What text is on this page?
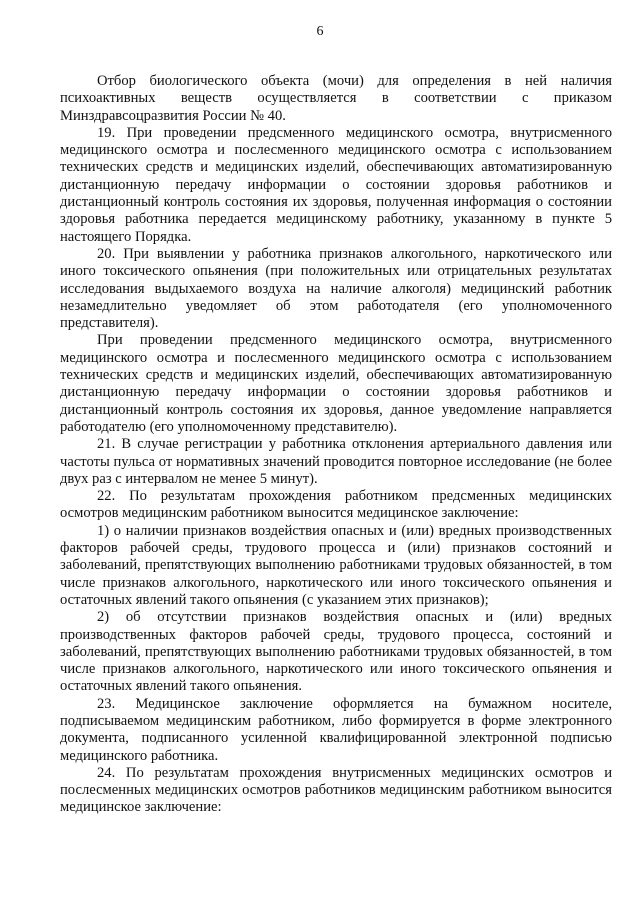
6

Отбор биологического объекта (мочи) для определения в ней наличия психоактивных веществ осуществляется в соответствии с приказом Минздравсоцразвития России № 40.

19. При проведении предсменного медицинского осмотра, внутрисменного медицинского осмотра и послесменного медицинского осмотра с использованием технических средств и медицинских изделий, обеспечивающих автоматизированную дистанционную передачу информации о состоянии здоровья работников и дистанционный контроль состояния их здоровья, полученная информация о состоянии здоровья работника передается медицинскому работнику, указанному в пункте 5 настоящего Порядка.

20. При выявлении у работника признаков алкогольного, наркотического или иного токсического опьянения (при положительных или отрицательных результатах исследования выдыхаемого воздуха на наличие алкоголя) медицинский работник незамедлительно уведомляет об этом работодателя (его уполномоченного представителя).

При проведении предсменного медицинского осмотра, внутрисменного медицинского осмотра и послесменного медицинского осмотра с использованием технических средств и медицинских изделий, обеспечивающих автоматизированную дистанционную передачу информации о состоянии здоровья работников и дистанционный контроль состояния их здоровья, данное уведомление направляется работодателю (его уполномоченному представителю).

21. В случае регистрации у работника отклонения артериального давления или частоты пульса от нормативных значений проводится повторное исследование (не более двух раз с интервалом не менее 5 минут).

22. По результатам прохождения работником предсменных медицинских осмотров медицинским работником выносится медицинское заключение:

1) о наличии признаков воздействия опасных и (или) вредных производственных факторов рабочей среды, трудового процесса и (или) признаков состояний и заболеваний, препятствующих выполнению работниками трудовых обязанностей, в том числе признаков алкогольного, наркотического или иного токсического опьянения и остаточных явлений такого опьянения (с указанием этих признаков);

2) об отсутствии признаков воздействия опасных и (или) вредных производственных факторов рабочей среды, трудового процесса, состояний и заболеваний, препятствующих выполнению работниками трудовых обязанностей, в том числе признаков алкогольного, наркотического или иного токсического опьянения и остаточных явлений такого опьянения.

23. Медицинское заключение оформляется на бумажном носителе, подписываемом медицинским работником, либо формируется в форме электронного документа, подписанного усиленной квалифицированной электронной подписью медицинского работника.

24. По результатам прохождения внутрисменных медицинских осмотров и послесменных медицинских осмотров работников медицинским работником выносится медицинское заключение:
